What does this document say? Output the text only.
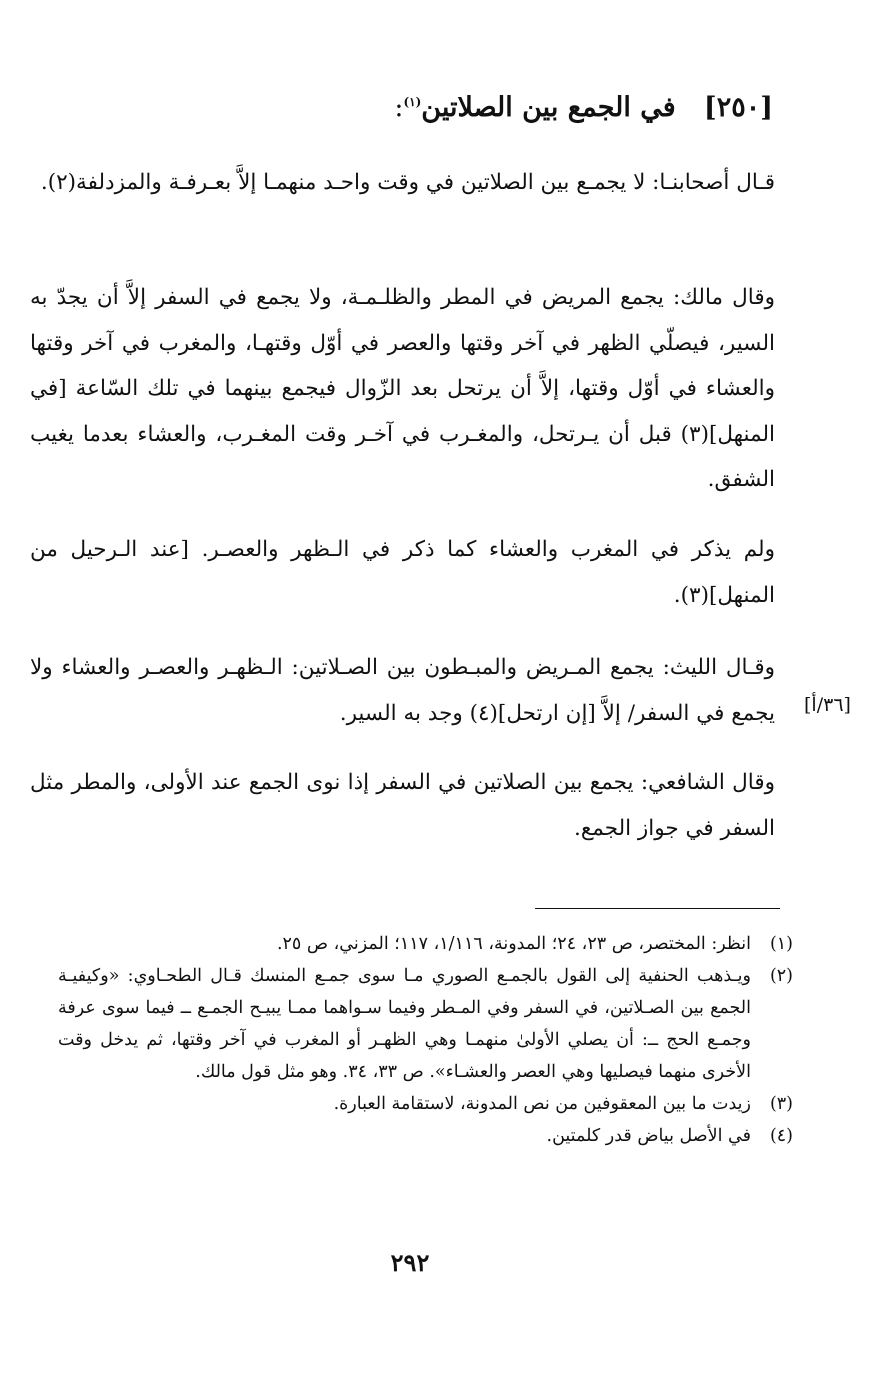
[٢٥٠]   في الجمع بين الصلاتين$^{(١)}$:

قـال أصحابنـا: لا يجمـع بين الصلاتين في وقت واحـد منهمـا إلاَّ بعـرفـة والمزدلفة(٢).

وقال مالك: يجمع المريض في المطر والظلـمـة، ولا يجمع في السفر إلاَّ أن يجدّ به السير، فيصلّي الظهر في آخر وقتها والعصر في أوّل وقتهـا، والمغرب في آخر وقتها والعشاء في أوّل وقتها، إلاَّ أن يرتحل بعد الزّوال فيجمع بينهما في تلك السّاعة [في المنهل](٣) قبل أن يـرتحل، والمغـرب في آخـر وقت المغـرب، والعشاء بعدما يغيب الشفق.

ولم يذكر في المغرب والعشاء كما ذكر في الـظهر والعصـر. [عند الـرحيل من المنهل](٣).

وقـال الليث: يجمع المـريض والمبـطون بين الصـلاتين: الـظهـر والعصـر والعشاء ولا يجمع في السفر/ إلاَّ [إن ارتحل](٤) وجد به السير. [٣٦/أ]

وقال الشافعي: يجمع بين الصلاتين في السفر إذا نوى الجمع عند الأولى، والمطر مثل السفر في جواز الجمع.

(١)
انظر: المختصر، ص ٢٣، ٢٤؛ المدونة، ١/١١٦، ١١٧؛ المزني، ص ٢٥.
(٢)
ويـذهب الحنفية إلى القول بالجمـع الصوري مـا سوى جمـع المنسك قـال الطحـاوي: «وكيفيـة الجمع بين الصـلاتين، في السفر وفي المـطر وفيما سـواهما ممـا يبيـح الجمـع ــ فيما سوى عرفة وجمـع الحج ــ: أن يصلي الأولىٰ منهمـا وهي الظهـر أو المغرب في آخر وقتها، ثم يدخل وقت الأخرى منهما فيصليها وهي العصر والعشـاء». ص ٣٣، ٣٤. وهو مثل قول مالك.
(٣)
زيدت ما بين المعقوفين من نص المدونة، لاستقامة العبارة.
(٤)
في الأصل بياض قدر كلمتين.
٢٩٢
